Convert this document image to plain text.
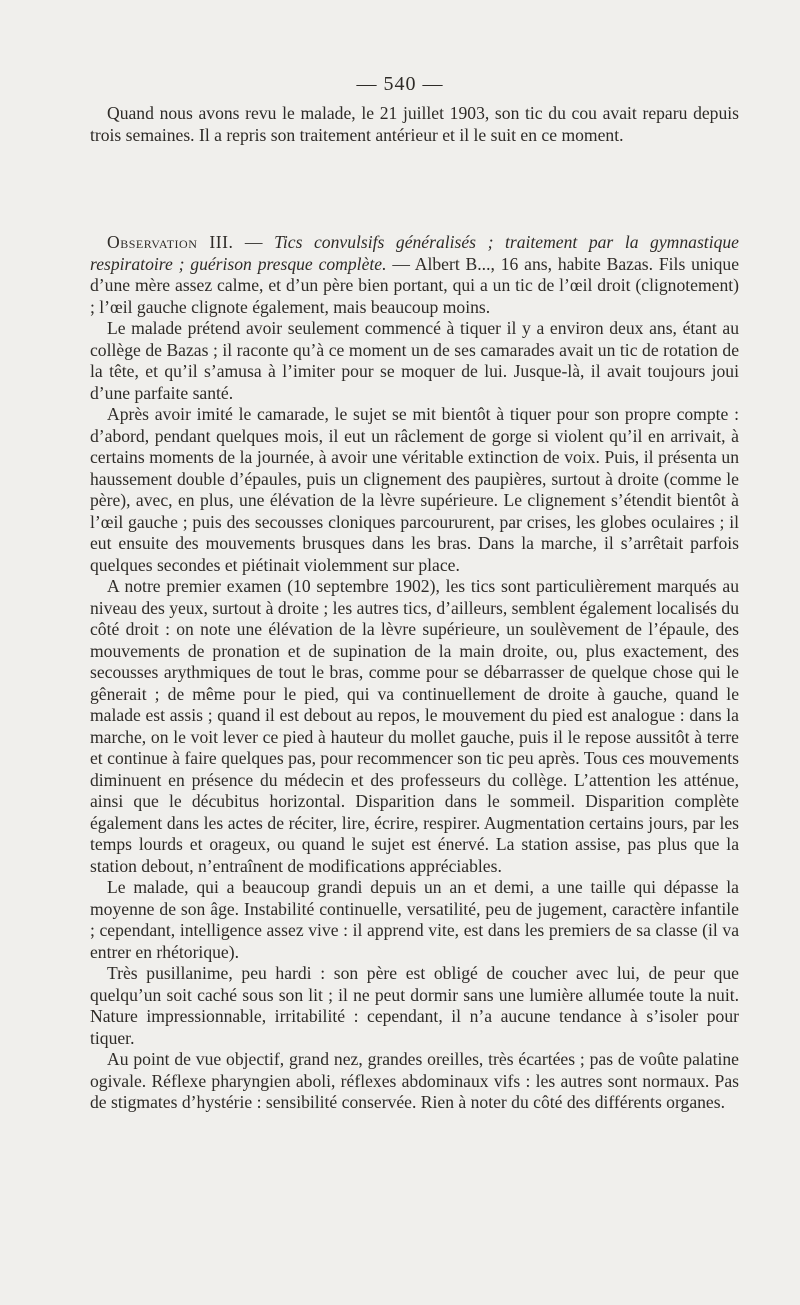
— 540 —

Quand nous avons revu le malade, le 21 juillet 1903, son tic du cou avait reparu depuis trois semaines. Il a repris son traitement antérieur et il le suit en ce moment.

Observation III. — Tics convulsifs généralisés ; traitement par la gymnastique respiratoire ; guérison presque complète. — Albert B..., 16 ans, habite Bazas. Fils unique d’une mère assez calme, et d’un père bien portant, qui a un tic de l’œil droit (clignotement) ; l’œil gauche clignote également, mais beaucoup moins.

Le malade prétend avoir seulement commencé à tiquer il y a environ deux ans, étant au collège de Bazas ; il raconte qu’à ce moment un de ses camarades avait un tic de rotation de la tête, et qu’il s’amusa à l’imiter pour se moquer de lui. Jusque-là, il avait toujours joui d’une parfaite santé.

Après avoir imité le camarade, le sujet se mit bientôt à tiquer pour son propre compte : d’abord, pendant quelques mois, il eut un râclement de gorge si violent qu’il en arrivait, à certains moments de la journée, à avoir une véritable extinction de voix. Puis, il présenta un haussement double d’épaules, puis un clignement des paupières, surtout à droite (comme le père), avec, en plus, une élévation de la lèvre supérieure. Le clignement s’étendit bientôt à l’œil gauche ; puis des secousses cloniques parcoururent, par crises, les globes oculaires ; il eut ensuite des mouvements brusques dans les bras. Dans la marche, il s’arrêtait parfois quelques secondes et piétinait violemment sur place.

A notre premier examen (10 septembre 1902), les tics sont particulièrement marqués au niveau des yeux, surtout à droite ; les autres tics, d’ailleurs, semblent également localisés du côté droit : on note une élévation de la lèvre supérieure, un soulèvement de l’épaule, des mouvements de pronation et de supination de la main droite, ou, plus exactement, des secousses arythmiques de tout le bras, comme pour se débarrasser de quelque chose qui le gênerait ; de même pour le pied, qui va continuellement de droite à gauche, quand le malade est assis ; quand il est debout au repos, le mouvement du pied est analogue : dans la marche, on le voit lever ce pied à hauteur du mollet gauche, puis il le repose aussitôt à terre et continue à faire quelques pas, pour recommencer son tic peu après. Tous ces mouvements diminuent en présence du médecin et des professeurs du collège. L’attention les atténue, ainsi que le décubitus horizontal. Disparition dans le sommeil. Disparition complète également dans les actes de réciter, lire, écrire, respirer. Augmentation certains jours, par les temps lourds et orageux, ou quand le sujet est énervé. La station assise, pas plus que la station debout, n’entraînent de modifications appréciables.

Le malade, qui a beaucoup grandi depuis un an et demi, a une taille qui dépasse la moyenne de son âge. Instabilité continuelle, versatilité, peu de jugement, caractère infantile ; cependant, intelligence assez vive : il apprend vite, est dans les premiers de sa classe (il va entrer en rhétorique).

Très pusillanime, peu hardi : son père est obligé de coucher avec lui, de peur que quelqu’un soit caché sous son lit ; il ne peut dormir sans une lumière allumée toute la nuit. Nature impressionnable, irritabilité : cependant, il n’a aucune tendance à s’isoler pour tiquer.

Au point de vue objectif, grand nez, grandes oreilles, très écartées ; pas de voûte palatine ogivale. Réflexe pharyngien aboli, réflexes abdominaux vifs : les autres sont normaux. Pas de stigmates d’hystérie : sensibilité conservée. Rien à noter du côté des différents organes.
